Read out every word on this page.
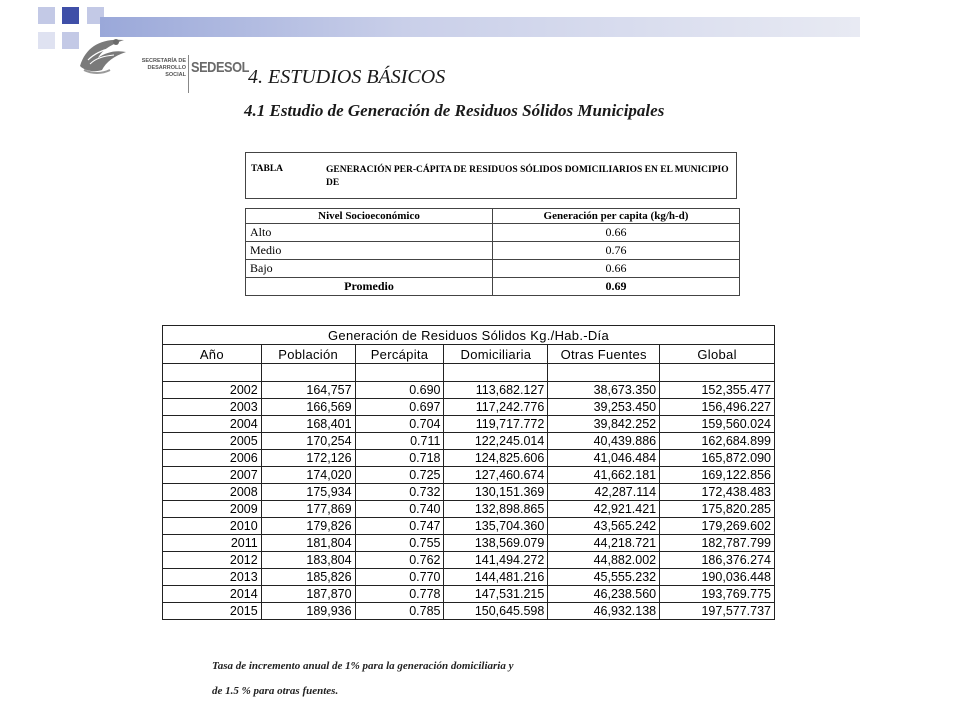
SECRETARÍA DE
DESARROLLO
SOCIAL SEDESOL 4. ESTUDIOS BÁSICOS
4.1 Estudio de Generación de Residuos Sólidos Municipales
TABLA	GENERACIÓN PER-CÁPITA DE RESIDUOS SÓLIDOS DOMICILIARIOS EN EL MUNICIPIO DE
Nivel Socioeconómico	Generación per capita (kg/h-d)
Alto	0.66
Medio	0.76
Bajo	0.66
Promedio	0.69
Generación de Residuos Sólidos Kg./Hab.-Día					
Año	Población	Percápita	Domiciliaria	Otras Fuentes	Global

2002	164,757	0.690	113,682.127	38,673.350	152,355.477
2003	166,569	0.697	117,242.776	39,253.450	156,496.227
2004	168,401	0.704	119,717.772	39,842.252	159,560.024
2005	170,254	0.711	122,245.014	40,439.886	162,684.899
2006	172,126	0.718	124,825.606	41,046.484	165,872.090
2007	174,020	0.725	127,460.674	41,662.181	169,122.856
2008	175,934	0.732	130,151.369	42,287.114	172,438.483
2009	177,869	0.740	132,898.865	42,921.421	175,820.285
2010	179,826	0.747	135,704.360	43,565.242	179,269.602
2011	181,804	0.755	138,569.079	44,218.721	182,787.799
2012	183,804	0.762	141,494.272	44,882.002	186,376.274
2013	185,826	0.770	144,481.216	45,555.232	190,036.448
2014	187,870	0.778	147,531.215	46,238.560	193,769.775
2015	189,936	0.785	150,645.598	46,932.138	197,577.737
Tasa de incremento anual de 1% para la generación domiciliaria y
de 1.5 % para otras fuentes.
